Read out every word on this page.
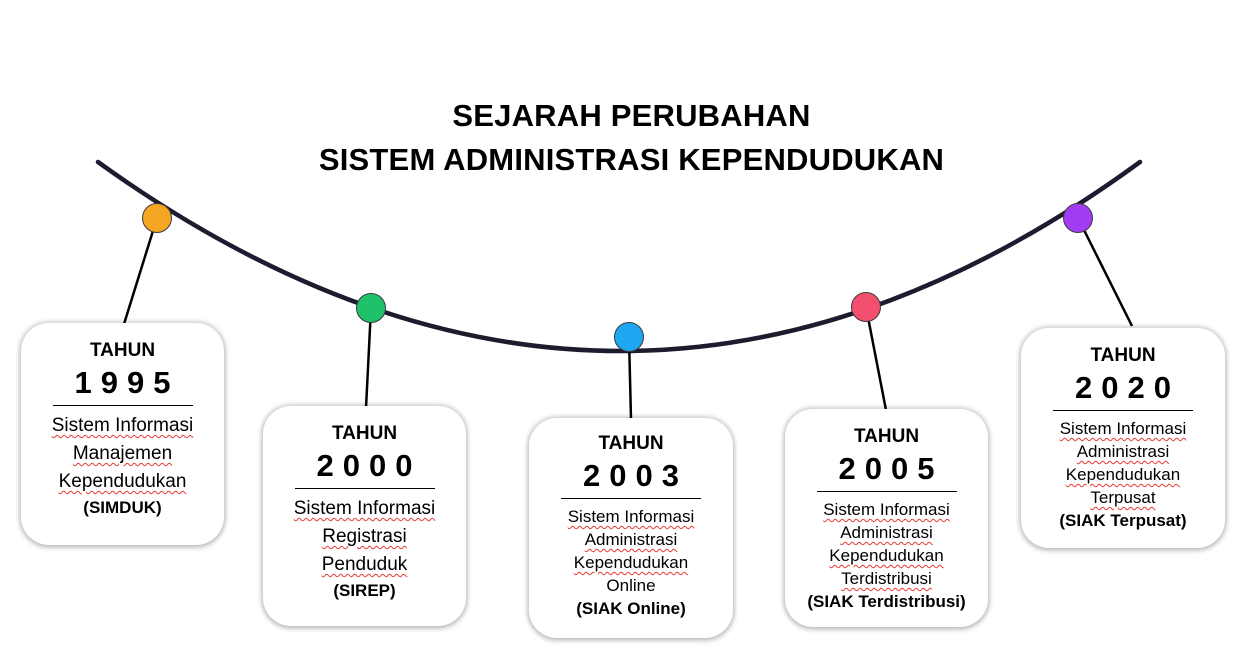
SEJARAH PERUBAHAN
SISTEM ADMINISTRASI KEPENDUDUKAN
TAHUN
1995
Sistem Informasi
Manajemen
Kependudukan
(SIMDUK)
TAHUN
2000
Sistem Informasi
Registrasi
Penduduk
(SIREP)
TAHUN
2003
Sistem Informasi
Administrasi
Kependudukan
Online
(SIAK Online)
TAHUN
2005
Sistem Informasi
Administrasi
Kependudukan
Terdistribusi
(SIAK Terdistribusi)
TAHUN
2020
Sistem Informasi
Administrasi
Kependudukan
Terpusat
(SIAK Terpusat)
